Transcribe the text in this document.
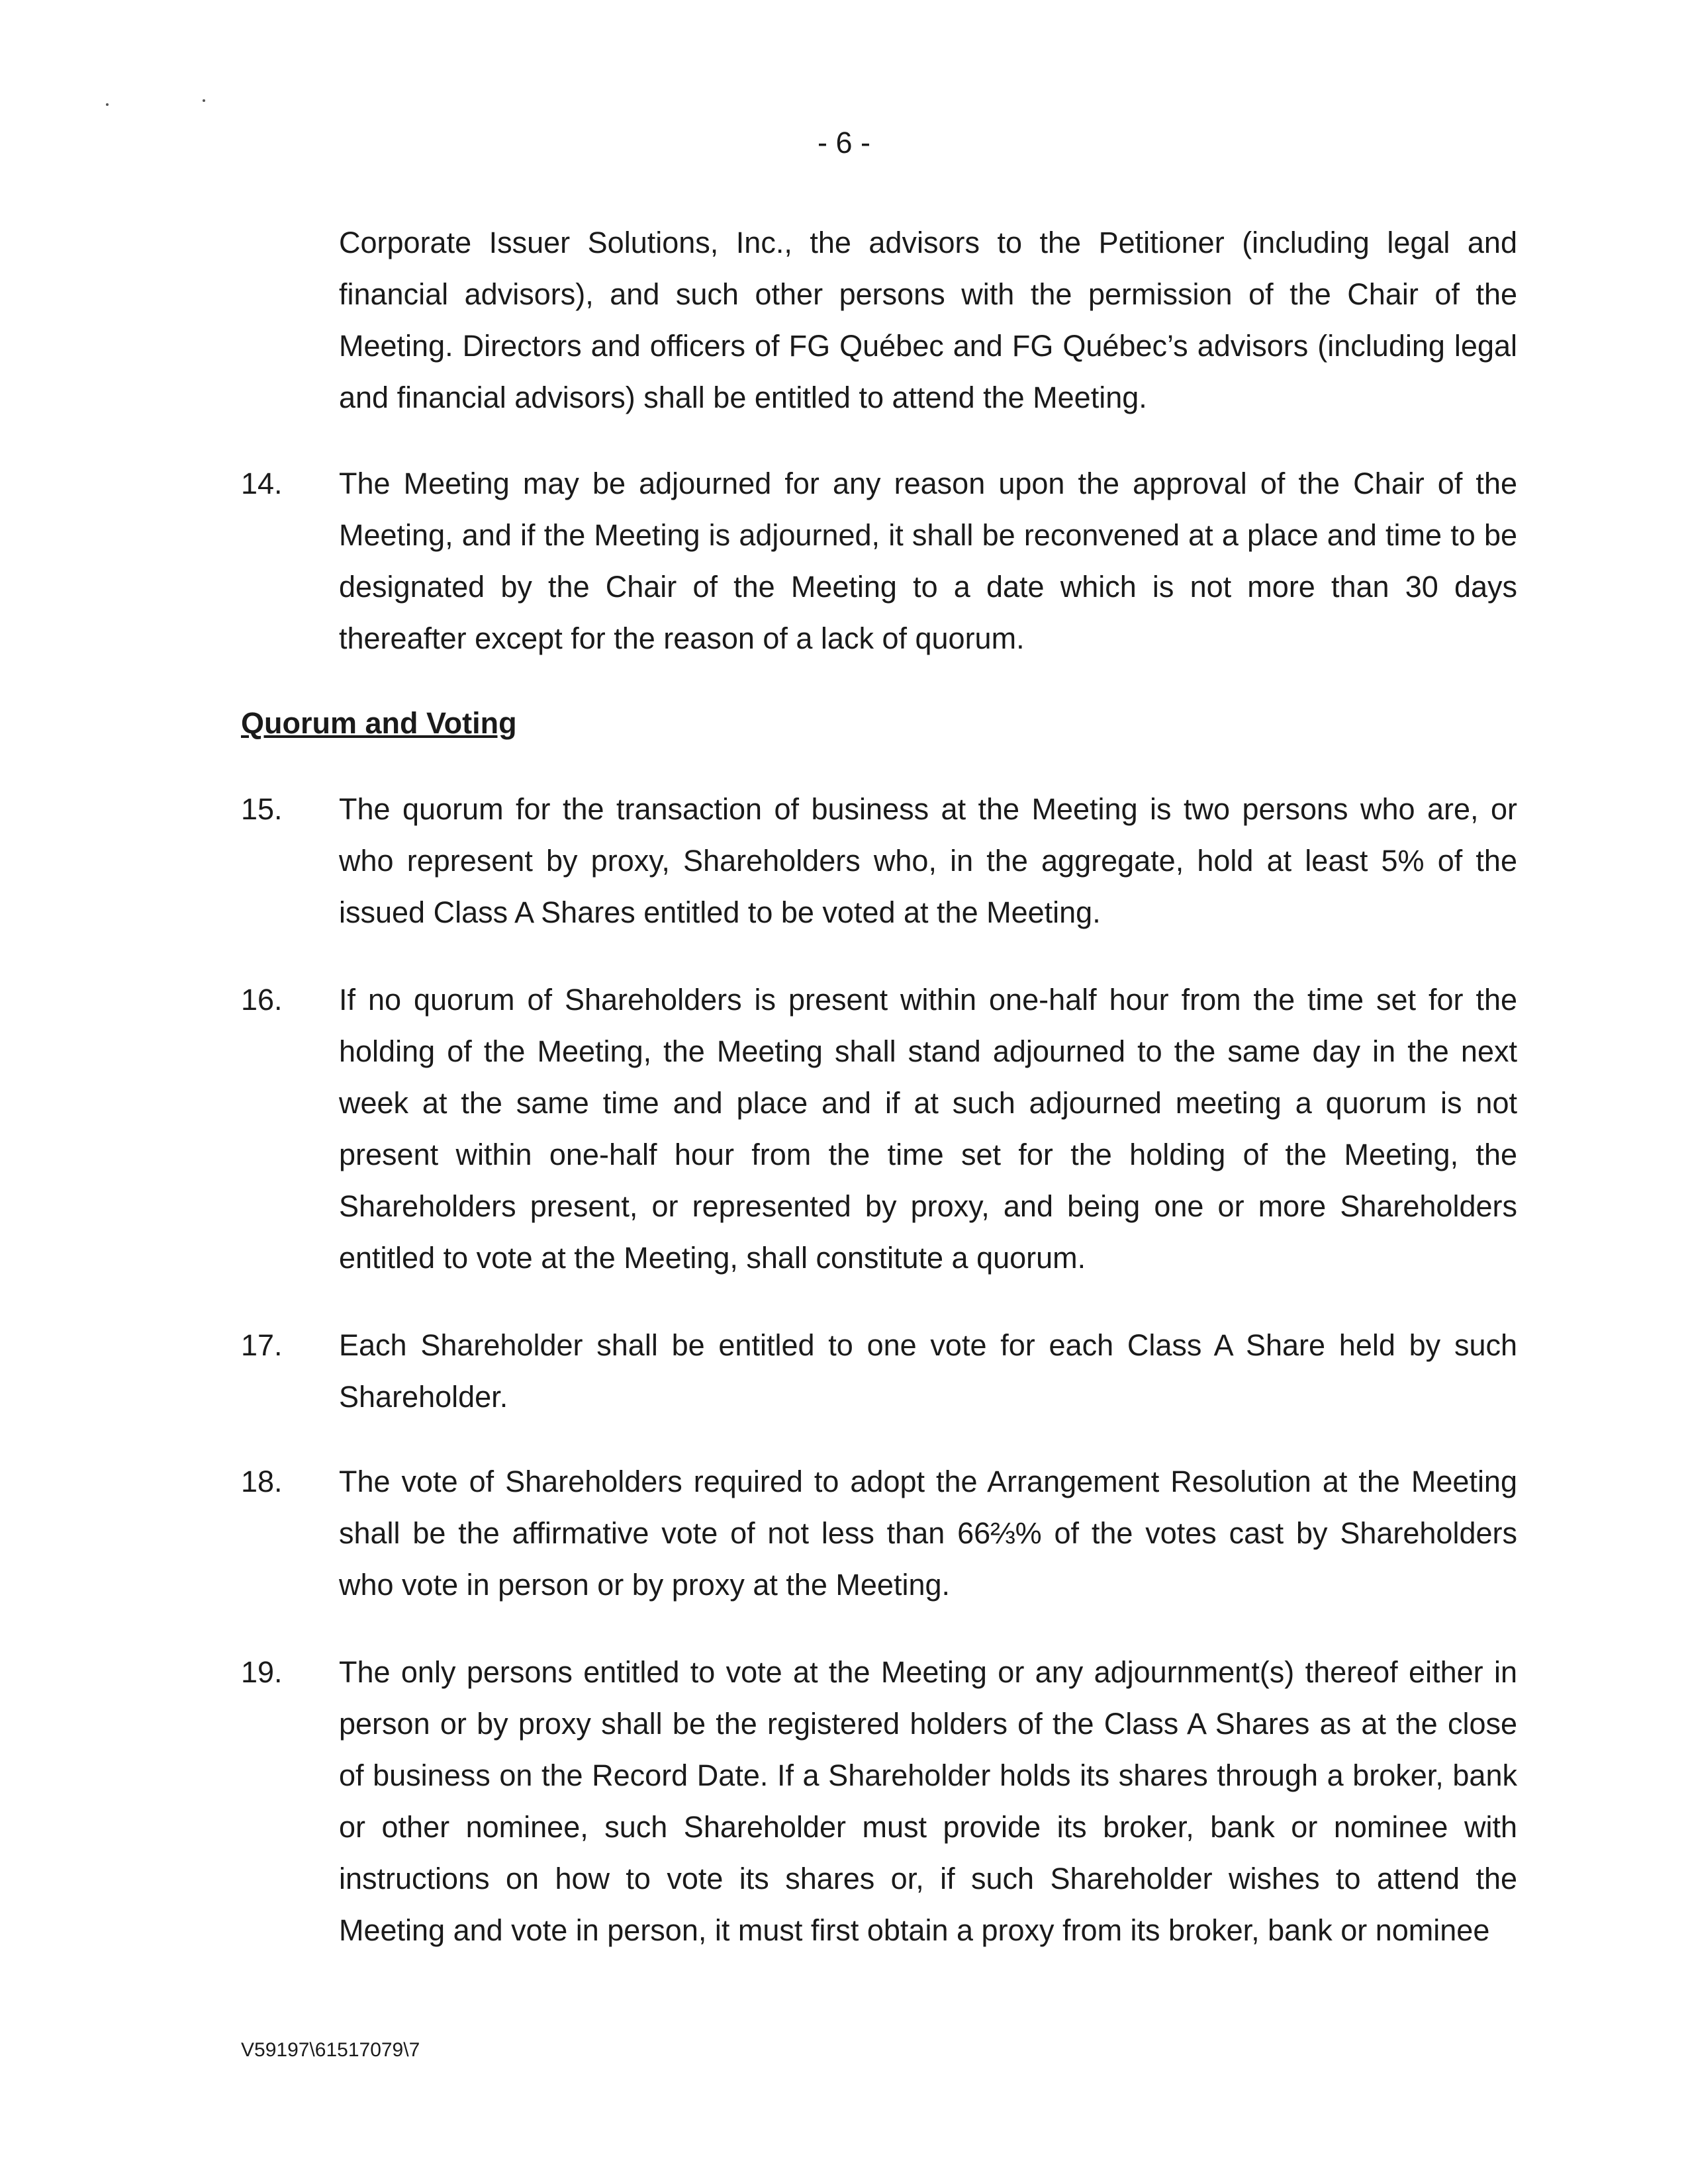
- 6 -

Corporate Issuer Solutions, Inc., the advisors to the Petitioner (including legal and financial advisors), and such other persons with the permission of the Chair of the Meeting. Directors and officers of FG Québec and FG Québec’s advisors (including legal and financial advisors) shall be entitled to attend the Meeting.

14. The Meeting may be adjourned for any reason upon the approval of the Chair of the Meeting, and if the Meeting is adjourned, it shall be reconvened at a place and time to be designated by the Chair of the Meeting to a date which is not more than 30 days thereafter except for the reason of a lack of quorum.

Quorum and Voting

15. The quorum for the transaction of business at the Meeting is two persons who are, or who represent by proxy, Shareholders who, in the aggregate, hold at least 5% of the issued Class A Shares entitled to be voted at the Meeting.

16. If no quorum of Shareholders is present within one-half hour from the time set for the holding of the Meeting, the Meeting shall stand adjourned to the same day in the next week at the same time and place and if at such adjourned meeting a quorum is not present within one-half hour from the time set for the holding of the Meeting, the Shareholders present, or represented by proxy, and being one or more Shareholders entitled to vote at the Meeting, shall constitute a quorum.

17. Each Shareholder shall be entitled to one vote for each Class A Share held by such Shareholder.

18. The vote of Shareholders required to adopt the Arrangement Resolution at the Meeting shall be the affirmative vote of not less than 66⅔% of the votes cast by Shareholders who vote in person or by proxy at the Meeting.

19. The only persons entitled to vote at the Meeting or any adjournment(s) thereof either in person or by proxy shall be the registered holders of the Class A Shares as at the close of business on the Record Date. If a Shareholder holds its shares through a broker, bank or other nominee, such Shareholder must provide its broker, bank or nominee with instructions on how to vote its shares or, if such Shareholder wishes to attend the Meeting and vote in person, it must first obtain a proxy from its broker, bank or nominee

V59197\61517079\7
